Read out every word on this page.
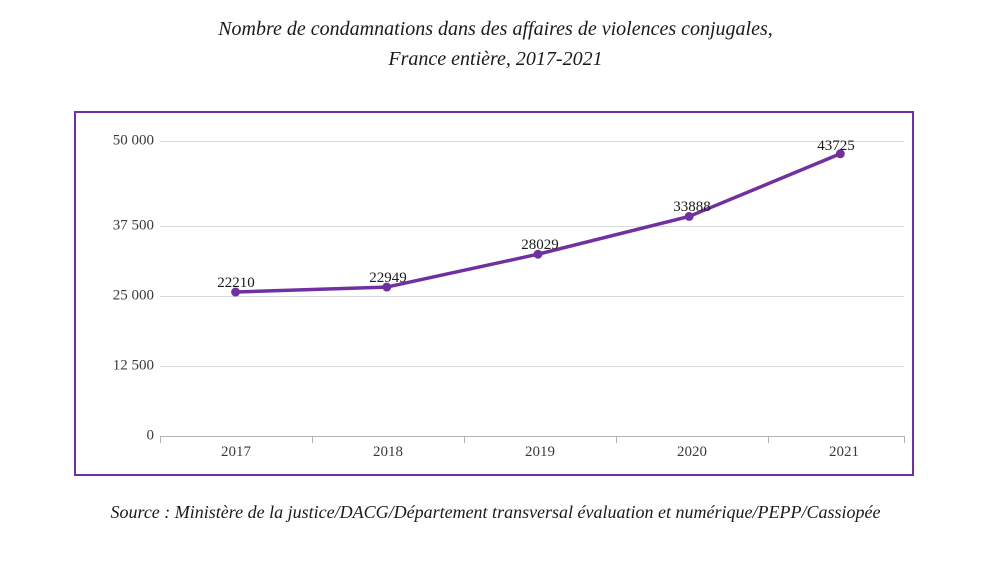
Nombre de condamnations dans des affaires de violences conjugales,
France entière, 2017-2021
0
12 500
25 000
37 500
50 000
22210	22949
28029
33888
43725
2017	2018	2019	2020	2021
Source : Ministère de la justice/DACG/Département transversal évaluation et numérique/PEPP/Cassiopée
